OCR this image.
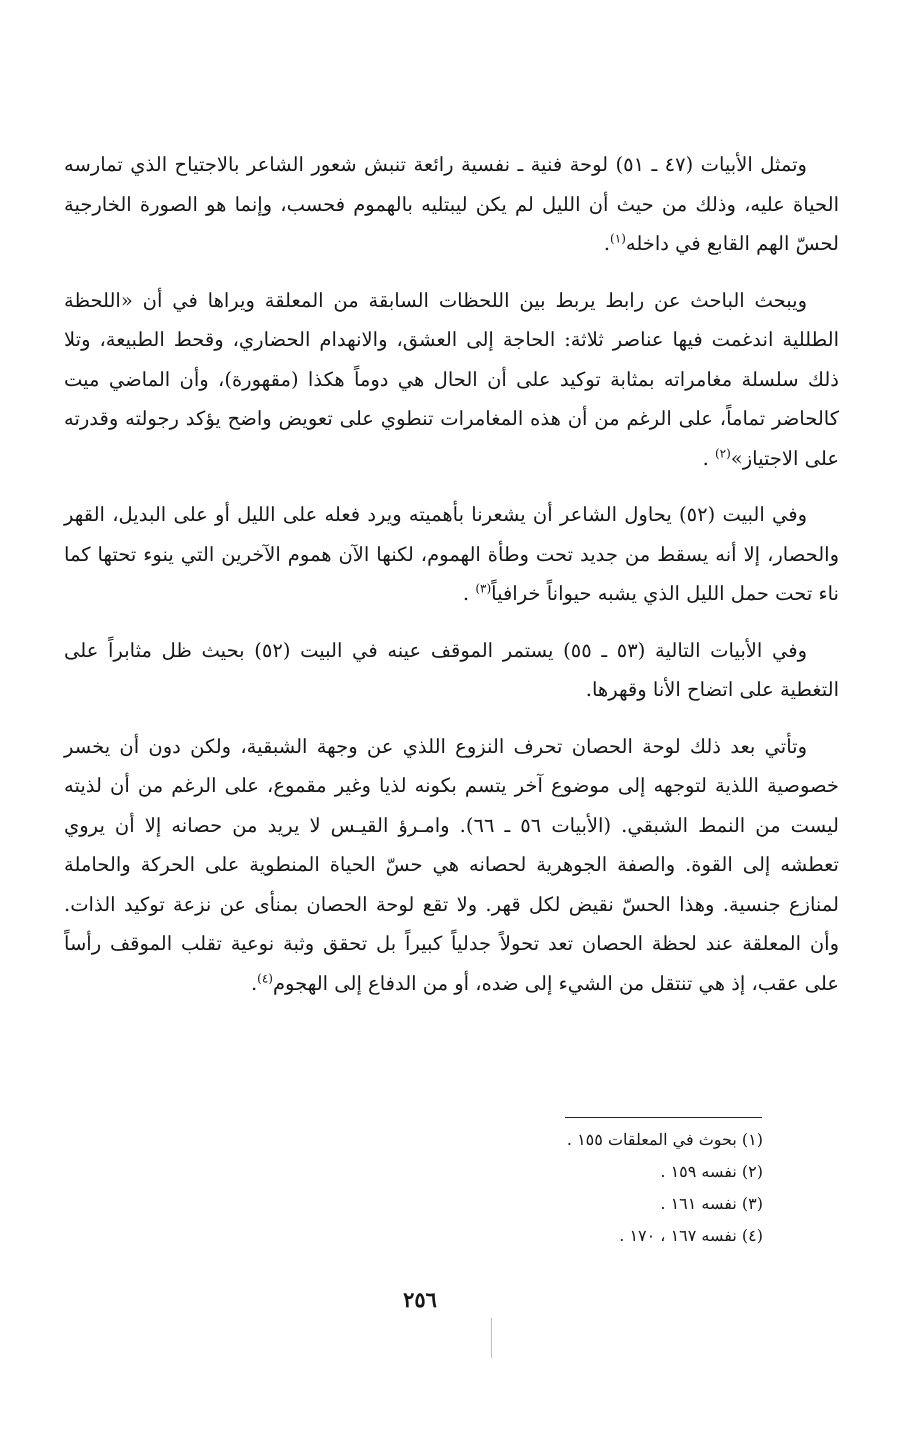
وتمثل الأبيات (٤٧ ـ ٥١) لوحة فنية ـ نفسية رائعة تنبش شعور الشاعر بالاجتياح الذي تمارسه الحياة عليه، وذلك من حيث أن الليل لم يكن ليبتليه بالهموم فحسب، وإنما هو الصورة الخارجية لحسّ الهم القابع في داخله$^{(١)}$.

ويبحث الباحث عن رابط يربط بين اللحظات السابقة من المعلقة ويراها في أن «اللحظة الطللية اندغمت فيها عناصر ثلاثة: الحاجة إلى العشق، والانهدام الحضاري، وقحط الطبيعة، وتلا ذلك سلسلة مغامراته بمثابة توكيد على أن الحال هي دوماً هكذا (مقهورة)، وأن الماضي ميت كالحاضر تماماً، على الرغم من أن هذه المغامرات تنطوي على تعويض واضح يؤكد رجولته وقدرته على الاجتياز»$^{(٢)}$ .

وفي البيت (٥٢) يحاول الشاعر أن يشعرنا بأهميته ويرد فعله على الليل أو على البديل، القهر والحصار، إلا أنه يسقط من جديد تحت وطأة الهموم، لكنها الآن هموم الآخرين التي ينوء تحتها كما ناء تحت حمل الليل الذي يشبه حيواناً خرافياً$^{(٣)}$ .

وفي الأبيات التالية (٥٣ ـ ٥٥) يستمر الموقف عينه في البيت (٥٢) بحيث ظل مثابراً على التغطية على اتضاح الأنا وقهرها.

وتأتي بعد ذلك لوحة الحصان تحرف النزوع اللذي عن وجهة الشبقية، ولكن دون أن يخسر خصوصية اللذية لتوجهه إلى موضوع آخر يتسم بكونه لذيا وغير مقموع، على الرغم من أن لذيته ليست من النمط الشبقي. (الأبيات ٥٦ ـ ٦٦). وامـرؤ القيـس لا يريد من حصانه إلا أن يروي تعطشه إلى القوة. والصفة الجوهرية لحصانه هي حسّ الحياة المنطوية على الحركة والحاملة لمنازع جنسية. وهذا الحسّ نقيض لكل قهر. ولا تقع لوحة الحصان بمنأى عن نزعة توكيد الذات. وأن المعلقة عند لحظة الحصان تعد تحولاً جدلياً كبيراً بل تحقق وثبة نوعية تقلب الموقف رأساً على عقب، إذ هي تنتقل من الشيء إلى ضده، أو من الدفاع إلى الهجوم$^{(٤)}$.

(١) بحوث في المعلقات ١٥٥ .

(٢) نفسه ١٥٩ .

(٣) نفسه ١٦١ .

(٤) نفسه ١٦٧ ، ١٧٠ .

٢٥٦
